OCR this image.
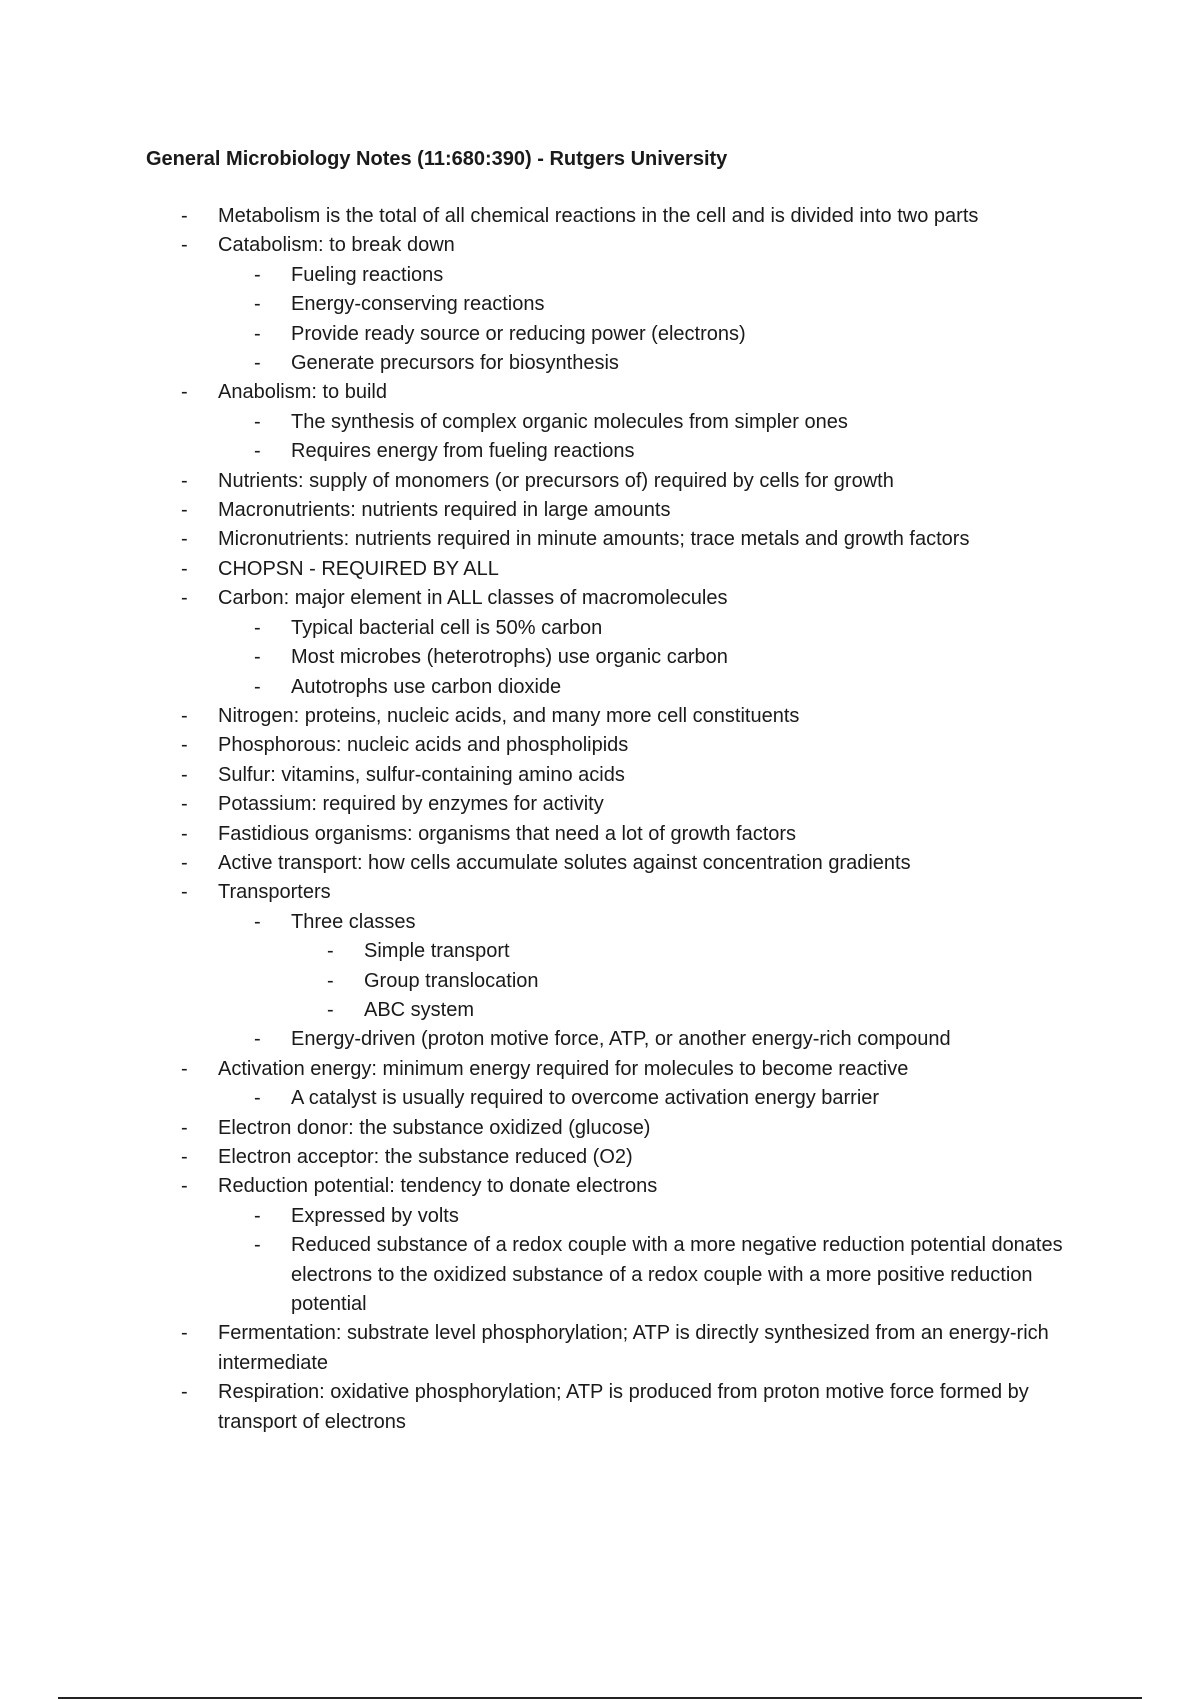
General Microbiology Notes (11:680:390) - Rutgers University
- Metabolism is the total of all chemical reactions in the cell and is divided into two parts
- Catabolism: to break down
- Fueling reactions
- Energy-conserving reactions
- Provide ready source or reducing power (electrons)
- Generate precursors for biosynthesis
- Anabolism: to build
- The synthesis of complex organic molecules from simpler ones
- Requires energy from fueling reactions
- Nutrients: supply of monomers (or precursors of) required by cells for growth
- Macronutrients: nutrients required in large amounts
- Micronutrients: nutrients required in minute amounts; trace metals and growth factors
- CHOPSN - REQUIRED BY ALL
- Carbon: major element in ALL classes of macromolecules
- Typical bacterial cell is 50% carbon
- Most microbes (heterotrophs) use organic carbon
- Autotrophs use carbon dioxide
- Nitrogen: proteins, nucleic acids, and many more cell constituents
- Phosphorous: nucleic acids and phospholipids
- Sulfur: vitamins, sulfur-containing amino acids
- Potassium: required by enzymes for activity
- Fastidious organisms: organisms that need a lot of growth factors
- Active transport: how cells accumulate solutes against concentration gradients
- Transporters
- Three classes
- Simple transport
- Group translocation
- ABC system
- Energy-driven (proton motive force, ATP, or another energy-rich compound
- Activation energy: minimum energy required for molecules to become reactive
- A catalyst is usually required to overcome activation energy barrier
- Electron donor: the substance oxidized (glucose)
- Electron acceptor: the substance reduced (O2)
- Reduction potential: tendency to donate electrons
- Expressed by volts
- Reduced substance of a redox couple with a more negative reduction potential donates electrons to the oxidized substance of a redox couple with a more positive reduction potential
- Fermentation: substrate level phosphorylation; ATP is directly synthesized from an energy-rich intermediate
- Respiration: oxidative phosphorylation; ATP is produced from proton motive force formed by transport of electrons
